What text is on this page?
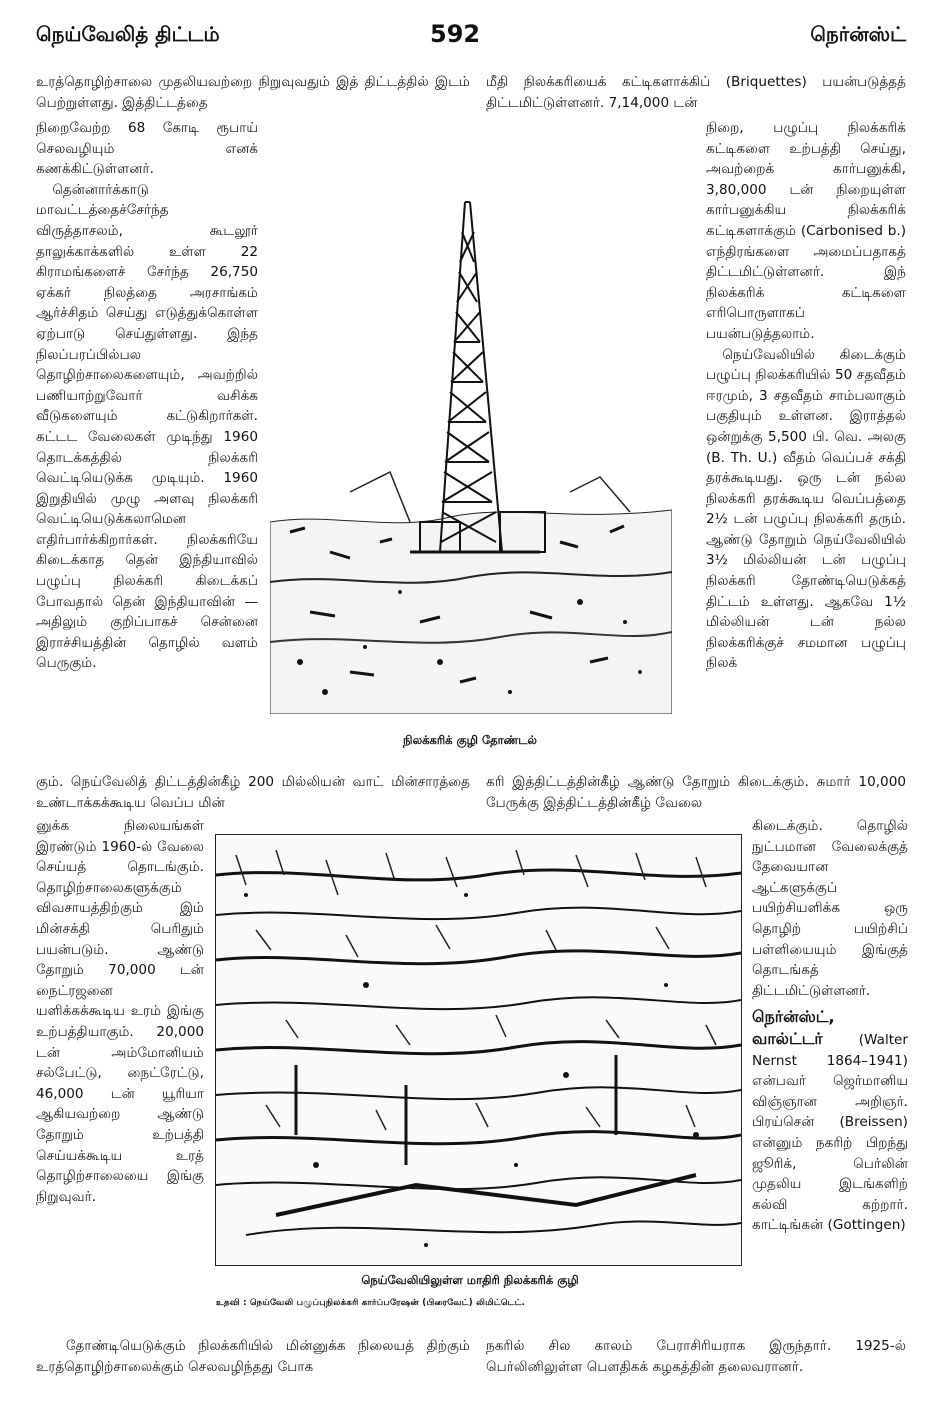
நெய்வேலித் திட்டம்	592	நெர்ன்ஸ்ட்

உரத்தொழிற்சாலை முதலியவற்றை நிறுவுவதும் இத் திட்டத்தில் இடம் பெற்றுள்ளது. இத்திட்டத்தை

மீதி நிலக்கரியைக் கட்டிகளாக்கிப் (Briquettes) பயன்படுத்தத் திட்டமிட்டுள்ளனர். 7,14,000 டன்

நிறைவேற்ற 68 கோடி ரூபாய் செலவழியும் எனக் கணக்கிட்டுள்ளனர்.

தென்னார்க்காடு மாவட்டத்தைச்சேர்ந்த விருத்தாசலம், கூடலூர் தாலுக்காக்களில் உள்ள 22 கிராமங்களைச் சேர்ந்த 26,750 ஏக்கர் நிலத்தை அரசாங்கம் ஆர்ச்சிதம் செய்து எடுத்துக்கொள்ள ஏற்பாடு செய்துள்ளது. இந்த நிலப்பரப்பில்பல தொழிற்சாலைகளையும், அவற்றில் பணியாற்றுவோர் வசிக்க வீடுகளையும் கட்டுகிறார்கள். கட்டட வேலைகள் முடிந்து 1960 தொடக்கத்தில் நிலக்கரி வெட்டியெடுக்க முடியும். 1960 இறுதியில் முழு அளவு நிலக்கரி வெட்டியெடுக்கலாமென எதிர்பார்க்கிறார்கள். நிலக்கரியே கிடைக்காத தென் இந்தியாவில் பழுப்பு நிலக்கரி கிடைக்கப் போவதால் தென் இந்தியாவின் —அதிலும் குறிப்பாகச் சென்னை இராச்சியத்தின் தொழில் வளம் பெருகும்.

நிலக்கரிக் குழி தோண்டல்

நிறை, பழுப்பு நிலக்கரிக் கட்டிகளை உற்பத்தி செய்து, அவற்றைக் கார்பனுக்கி, 3,80,000 டன் நிறையுள்ள கார்பனுக்கிய நிலக்கரிக் கட்டிகளாக்கும் (Carbonised b.) எந்திரங்களை அமைப்பதாகத் திட்டமிட்டுள்ளனர். இந் நிலக்கரிக் கட்டிகளை எரிபொருளாகப் பயன்படுத்தலாம்.

நெய்வேலியில் கிடைக்கும் பழுப்பு நிலக்கரியில் 50 சதவீதம் ஈரமும், 3 சதவீதம் சாம்பலாகும் பகுதியும் உள்ளன. இராத்தல் ஒன்றுக்கு 5,500 பி. வெ. அலகு (B. Th. U.) வீதம் வெப்பச் சக்தி தரக்கூடியது. ஒரு டன் நல்ல நிலக்கரி தரக்கூடிய வெப்பத்தை 2½ டன் பழுப்பு நிலக்கரி தரும். ஆண்டு தோறும் நெய்வேலியில் 3½ மில்லியன் டன் பழுப்பு நிலக்கரி தோண்டியெடுக்கத் திட்டம் உள்ளது. ஆகவே 1½ மில்லியன் டன் நல்ல நிலக்கரிக்குச் சமமான பழுப்பு நிலக்

கும். நெய்வேலித் திட்டத்தின்கீழ் 200 மில்லியன் வாட் மின்சாரத்தை உண்டாக்கக்கூடிய வெப்ப மின்

கரி இத்திட்டத்தின்கீழ் ஆண்டு தோறும் கிடைக்கும். சுமார் 10,000 பேருக்கு இத்திட்டத்தின்கீழ் வேலை

னுக்க நிலையங்கள் இரண்டும் 1960-ல் வேலை செய்யத் தொடங்கும். தொழிற்சாலைகளுக்கும் விவசாயத்திற்கும் இம் மின்சக்தி பெரிதும் பயன்படும். ஆண்டு தோறும் 70,000 டன் நைட்ரஜனை யளிக்கக்கூடிய உரம் இங்கு உற்பத்தியாகும். 20,000 டன் அம்மோனியம் சல்பேட்டு, நைட்ரேட்டு, 46,000 டன் யூரியா ஆகியவற்றை ஆண்டு தோறும் உற்பத்தி செய்யக்கூடிய உரத் தொழிற்சாலையை இங்கு நிறுவுவர்.

நெய்வேலியிலுள்ள மாதிரி நிலக்கரிக் குழி
உதவி : நெய்வேலி பழுப்புநிலக்கரி கார்ப்பரேஷன் (பிரைவேட்) லிமிட்டெட்.

கிடைக்கும். தொழில் நுட்பமான வேலைக்குத் தேவையான ஆட்களுக்குப் பயிற்சியளிக்க ஒரு தொழிற் பயிற்சிப் பள்ளியையும் இங்குத் தொடங்கத் திட்டமிட்டுள்ளனர்.

நெர்ன்ஸ்ட், வால்ட்டர்	(Walter Nernst 1864–1941) என்பவர் ஜெர்மானிய விஞ்ஞான அறிஞர். பிரய்சென் (Breissen) என்னும் நகரிற் பிறந்து ஜூரிக், பெர்லின் முதலிய இடங்களிற் கல்வி கற்றார். காட்டிங்கன் (Gottingen)

தோண்டியெடுக்கும் நிலக்கரியில் மின்னுக்க நிலையத் திற்கும் உரத்தொழிற்சாலைக்கும் செலவழிந்தது போக

நகரில் சில காலம் பேராசிரியராக இருந்தார். 1925-ல் பெர்லினிலுள்ள பௌதிகக் கழகத்தின் தலைவரானர்.
